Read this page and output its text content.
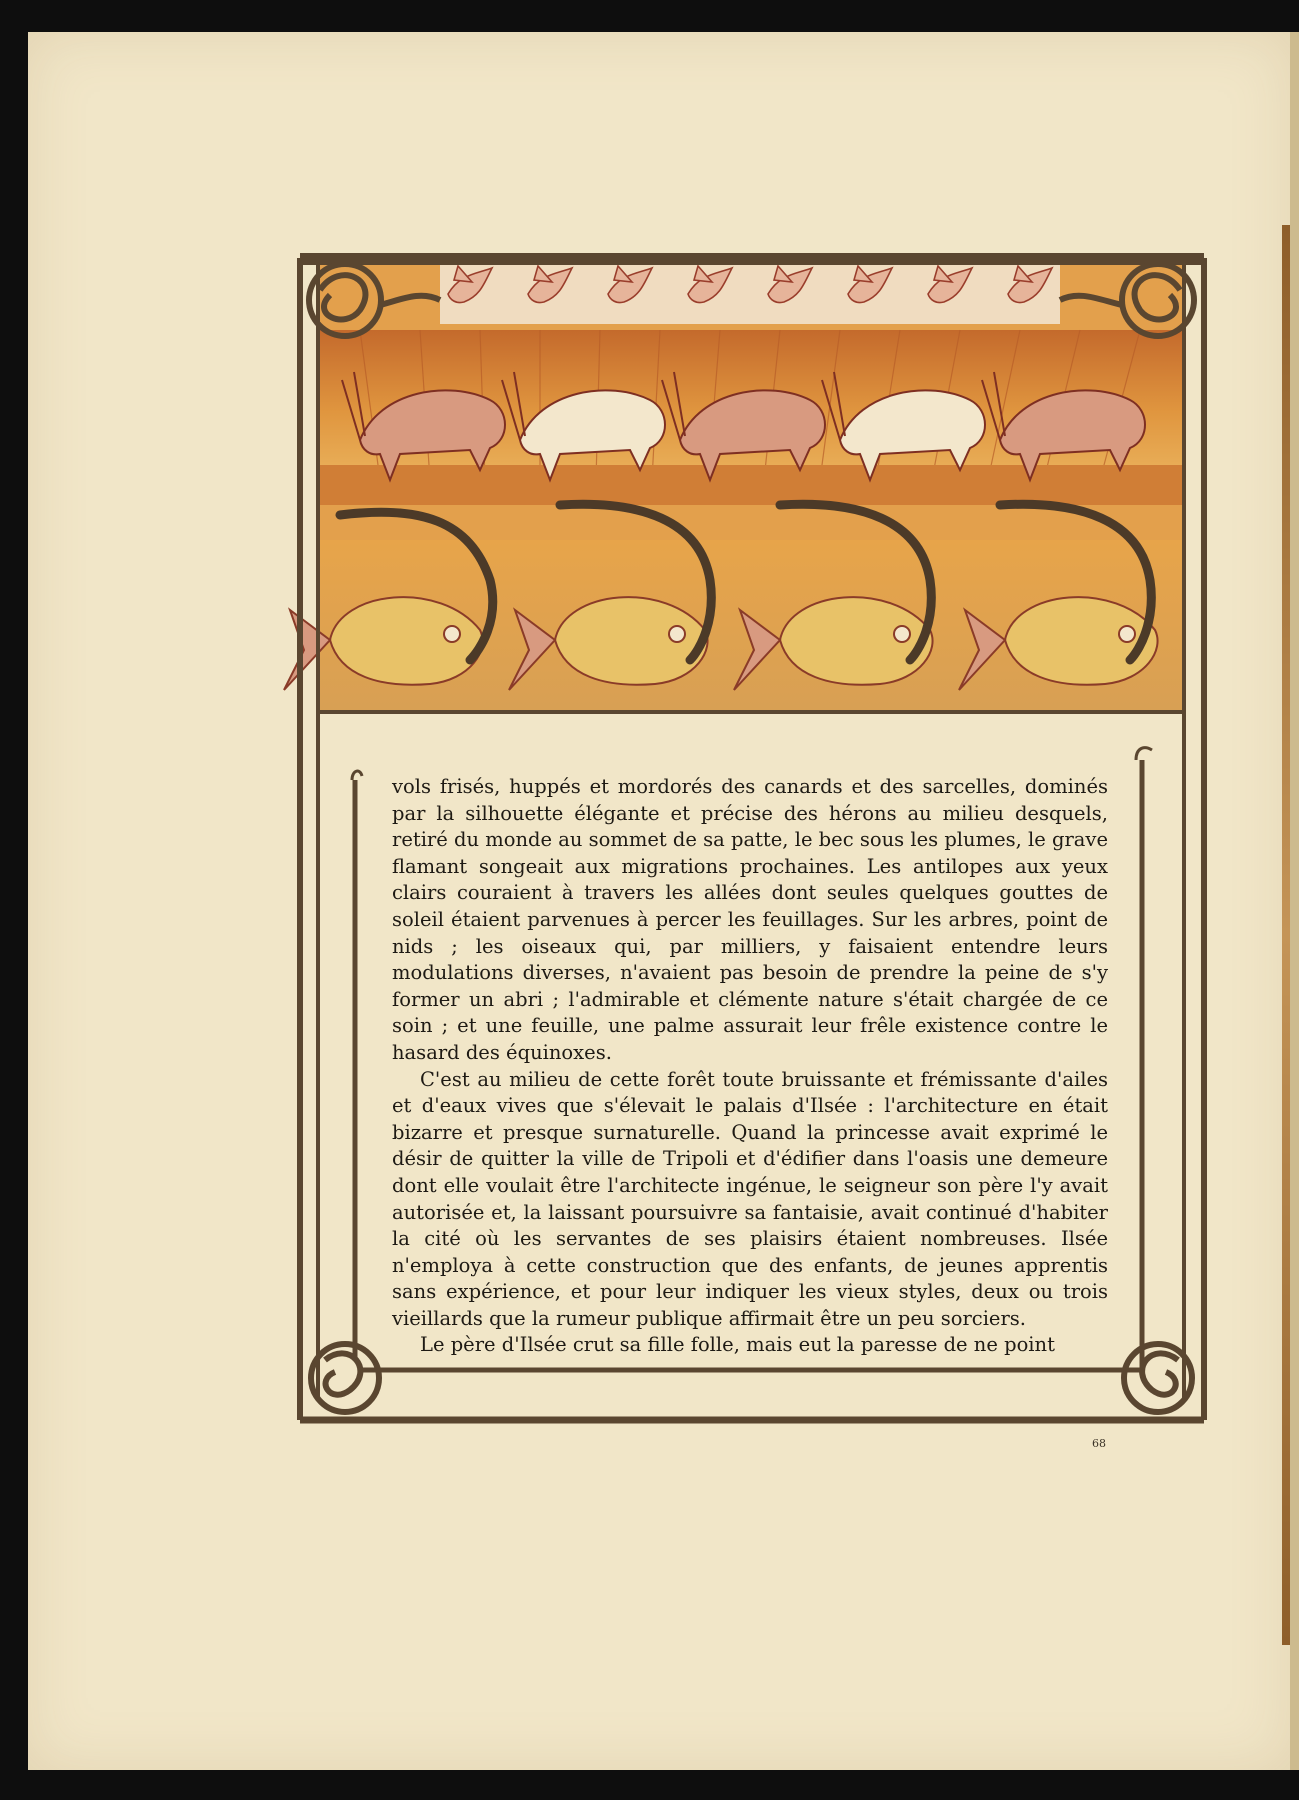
vols frisés, huppés et mordorés des canards et des sarcelles, dominés par la silhouette élégante et précise des hérons au milieu desquels, retiré du monde au sommet de sa patte, le bec sous les plumes, le grave flamant songeait aux migrations prochaines. Les antilopes aux yeux clairs couraient à travers les allées dont seules quelques gouttes de soleil étaient parvenues à percer les feuillages. Sur les arbres, point de nids ; les oiseaux qui, par milliers, y faisaient entendre leurs modulations diverses, n'avaient pas besoin de prendre la peine de s'y former un abri ; l'admirable et clémente nature s'était chargée de ce soin ; et une feuille, une palme assurait leur frêle existence contre le hasard des équinoxes.

C'est au milieu de cette forêt toute bruissante et frémissante d'ailes et d'eaux vives que s'élevait le palais d'Ilsée : l'architecture en était bizarre et presque surnaturelle. Quand la princesse avait exprimé le désir de quitter la ville de Tripoli et d'édifier dans l'oasis une demeure dont elle voulait être l'architecte ingénue, le seigneur son père l'y avait autorisée et, la laissant poursuivre sa fantaisie, avait continué d'habiter la cité où les servantes de ses plaisirs étaient nombreuses. Ilsée n'employa à cette construction que des enfants, de jeunes apprentis sans expérience, et pour leur indiquer les vieux styles, deux ou trois vieillards que la rumeur publique affirmait être un peu sorciers.

Le père d'Ilsée crut sa fille folle, mais eut la paresse de ne point

68
